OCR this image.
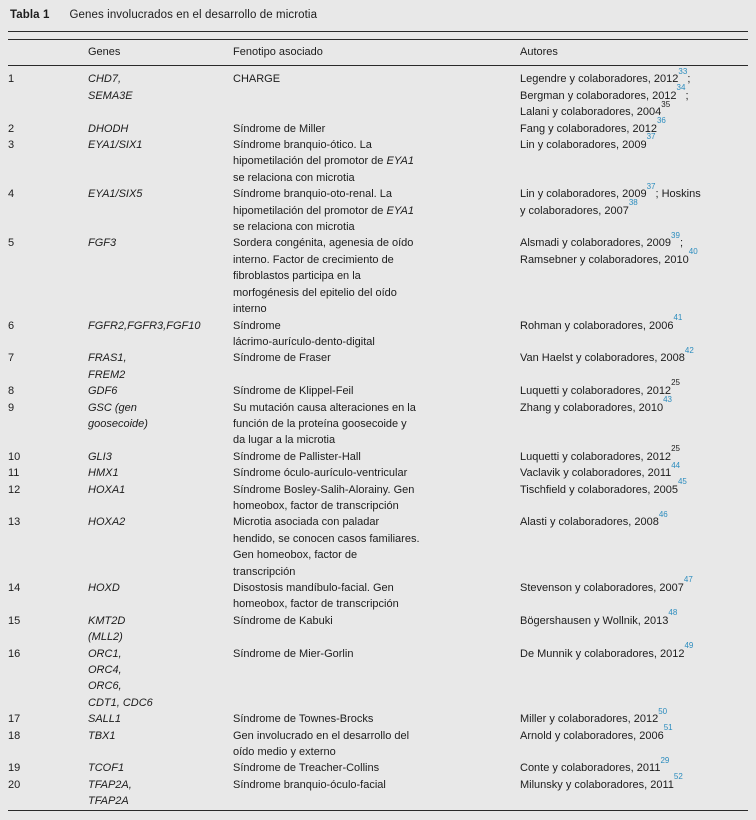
Tabla 1 Genes involucrados en el desarrollo de microtia
	Genes	Fenotipo asociado	Autores
1	CHD7,
SEMA3E	CHARGE	Legendre y colaboradores, 2012$^{33}$;
Bergman y colaboradores, 2012$^{34}$;
Lalani y colaboradores, 2004$^{35}$
2	DHODH	Síndrome de Miller	Fang y colaboradores, 2012$^{36}$
3	EYA1/SIX1	Síndrome branquio-ótico. La
hipometilación del promotor de EYA1
se relaciona con microtia	Lin y colaboradores, 2009$^{37}$
4	EYA1/SIX5	Síndrome branquio-oto-renal. La
hipometilación del promotor de EYA1
se relaciona con microtia	Lin y colaboradores, 2009$^{37}$; Hoskins
y colaboradores, 2007$^{38}$
5	FGF3	Sordera congénita, agenesia de oído
interno. Factor de crecimiento de
fibroblastos participa en la
morfogénesis del epitelio del oído
interno	Alsmadi y colaboradores, 2009$^{39}$;
Ramsebner y colaboradores, 2010$^{40}$
6	FGFR2,FGFR3,FGF10	Síndrome
lácrimo-aurículo-dento-digital	Rohman y colaboradores, 2006$^{41}$
7	FRAS1,
FREM2	Síndrome de Fraser	Van Haelst y colaboradores, 2008$^{42}$
8	GDF6	Síndrome de Klippel-Feil	Luquetti y colaboradores, 2012$^{25}$
9	GSC (gen
goosecoide)	Su mutación causa alteraciones en la
función de la proteína goosecoide y
da lugar a la microtia	Zhang y colaboradores, 2010$^{43}$
10	GLI3	Síndrome de Pallister-Hall	Luquetti y colaboradores, 2012$^{25}$
11	HMX1	Síndrome óculo-aurículo-ventricular	Vaclavik y colaboradores, 2011$^{44}$
12	HOXA1	Síndrome Bosley-Salih-Alorainy. Gen
homeobox, factor de transcripción	Tischfield y colaboradores, 2005$^{45}$
13	HOXA2	Microtia asociada con paladar
hendido, se conocen casos familiares.
Gen homeobox, factor de
transcripción	Alasti y colaboradores, 2008$^{46}$
14	HOXD	Disostosis mandíbulo-facial. Gen
homeobox, factor de transcripción	Stevenson y colaboradores, 2007$^{47}$
15	KMT2D
(MLL2)	Síndrome de Kabuki	Bögershausen y Wollnik, 2013$^{48}$
16	ORC1,
ORC4,
ORC6,
CDT1, CDC6	Síndrome de Mier-Gorlin	De Munnik y colaboradores, 2012$^{49}$
17	SALL1	Síndrome de Townes-Brocks	Miller y colaboradores, 2012$^{50}$
18	TBX1	Gen involucrado en el desarrollo del
oído medio y externo	Arnold y colaboradores, 2006$^{51}$
19	TCOF1	Síndrome de Treacher-Collins	Conte y colaboradores, 2011$^{29}$
20	TFAP2A,
TFAP2A	Síndrome branquio-óculo-facial	Milunsky y colaboradores, 2011$^{52}$
